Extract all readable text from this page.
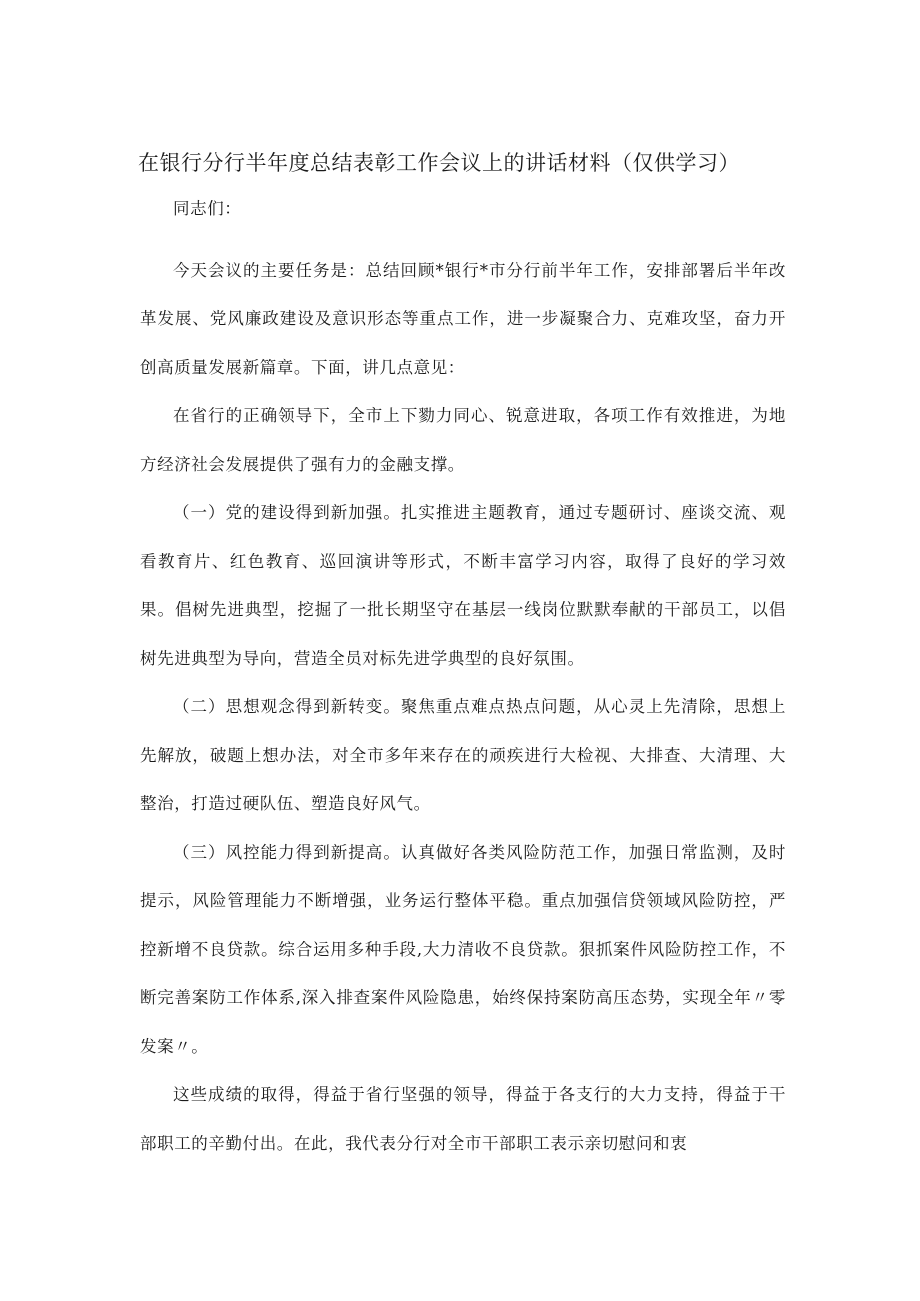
在银行分行半年度总结表彰工作会议上的讲话材料（仅供学习）

同志们：

今天会议的主要任务是：总结回顾*银行*市分行前半年工作，安排部署后半年改革发展、党风廉政建设及意识形态等重点工作，进一步凝聚合力、克难攻坚，奋力开创高质量发展新篇章。下面，讲几点意见：

在省行的正确领导下，全市上下勠力同心、锐意进取，各项工作有效推进，为地方经济社会发展提供了强有力的金融支撑。

（一）党的建设得到新加强。扎实推进主题教育，通过专题研讨、座谈交流、观看教育片、红色教育、巡回演讲等形式，不断丰富学习内容，取得了良好的学习效果。倡树先进典型，挖掘了一批长期坚守在基层一线岗位默默奉献的干部员工，以倡树先进典型为导向，营造全员对标先进学典型的良好氛围。

（二）思想观念得到新转变。聚焦重点难点热点问题，从心灵上先清除，思想上先解放，破题上想办法，对全市多年来存在的顽疾进行大检视、大排查、大清理、大整治，打造过硬队伍、塑造良好风气。

（三）风控能力得到新提高。认真做好各类风险防范工作，加强日常监测，及时提示，风险管理能力不断增强，业务运行整体平稳。重点加强信贷领域风险防控，严控新增不良贷款。综合运用多种手段,大力清收不良贷款。狠抓案件风险防控工作，不断完善案防工作体系,深入排查案件风险隐患，始终保持案防高压态势，实现全年〃零发案〃。

这些成绩的取得，得益于省行坚强的领导，得益于各支行的大力支持，得益于干部职工的辛勤付出。在此，我代表分行对全市干部职工表示亲切慰问和衷
